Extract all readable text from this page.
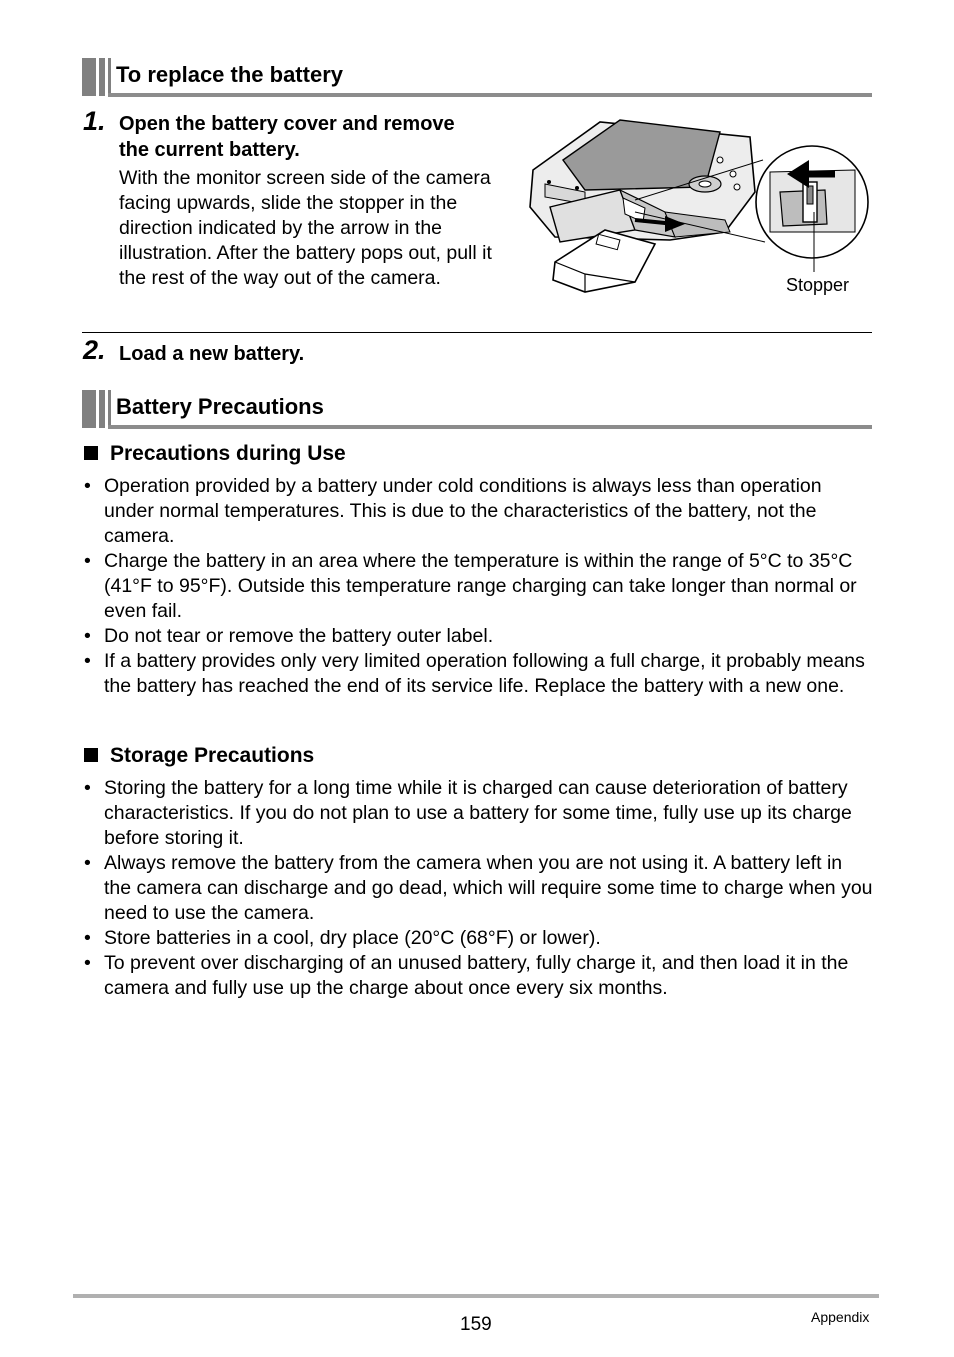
To replace the battery
1. Open the battery cover and remove
the current battery.
With the monitor screen side of the camera facing upwards, slide the stopper in the direction indicated by the arrow in the illustration. After the battery pops out, pull it the rest of the way out of the camera.	Stopper
2. Load a new battery.
Battery Precautions
Precautions during Use
• Operation provided by a battery under cold conditions is always less than operation under normal temperatures. This is due to the characteristics of the battery, not the camera.
• Charge the battery in an area where the temperature is within the range of 5°C to 35°C (41°F to 95°F). Outside this temperature range charging can take longer than normal or even fail.
• Do not tear or remove the battery outer label.
• If a battery provides only very limited operation following a full charge, it probably means the battery has reached the end of its service life. Replace the battery with a new one.
Storage Precautions
• Storing the battery for a long time while it is charged can cause deterioration of battery characteristics. If you do not plan to use a battery for some time, fully use up its charge before storing it.
• Always remove the battery from the camera when you are not using it. A battery left in the camera can discharge and go dead, which will require some time to charge when you need to use the camera.
• Store batteries in a cool, dry place (20°C (68°F) or lower).
• To prevent over discharging of an unused battery, fully charge it, and then load it in the camera and fully use up the charge about once every six months.
159	Appendix
